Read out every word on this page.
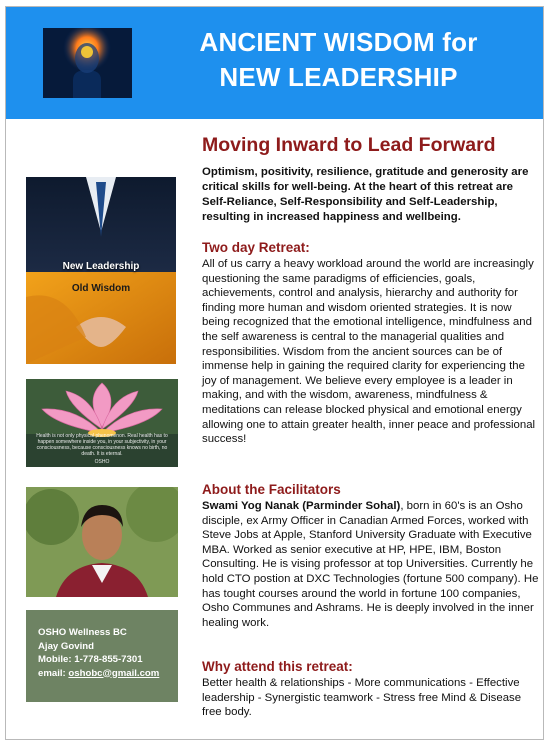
ANCIENT WISDOM for
NEW LEADERSHIP
New Leadership
Old Wisdom
Health is not only physical phenomenon. Real health has to happen somewhere inside you, in your subjectivity, in your consciousness, because consciousness knows no birth, no death. It is eternal.
OSHO
OSHO Wellness BC
Ajay Govind
Mobile: 1-778-855-7301
email: oshobc@gmail.com
Moving Inward to Lead Forward
Optimism, positivity, resilience, gratitude and generosity are critical skills for well-being. At the heart of this retreat are Self-Reliance, Self-Responsibility and Self-Leadership, resulting in increased happiness and wellbeing.
Two day Retreat:
All of us carry a heavy workload around the world are increasingly questioning the same paradigms of efficiencies, goals, achievements, control and analysis, hierarchy and authority for finding more human and wisdom oriented strategies. It is now being recognized that the emotional intelligence, mindfulness and the self awareness is central to the managerial qualities and responsibilities. Wisdom from the ancient sources can be of immense help in gaining the required clarity for experiencing the joy of management. We believe every employee is a leader in making, and with the wisdom, awareness, mindfulness & meditations can release blocked physical and emotional energy allowing one to attain greater health, inner peace and professional success!
About the Facilitators
Swami Yog Nanak (Parminder Sohal), born in 60's is an Osho disciple, ex Army Officer in Canadian Armed Forces, worked with Steve Jobs at Apple, Stanford University Graduate with Executive MBA. Worked as senior executive at HP, HPE, IBM, Boston Consulting. He is vising professor at top Universities. Currently he hold CTO postion at DXC Technologies (fortune 500 company). He has tought courses around the world in fortune 100 companies, Osho Communes and Ashrams. He is deeply involved in the inner healing work.
Why attend this retreat:
Better health & relationships - More communications - Effective leadership - Synergistic teamwork - Stress free Mind & Disease free body.
